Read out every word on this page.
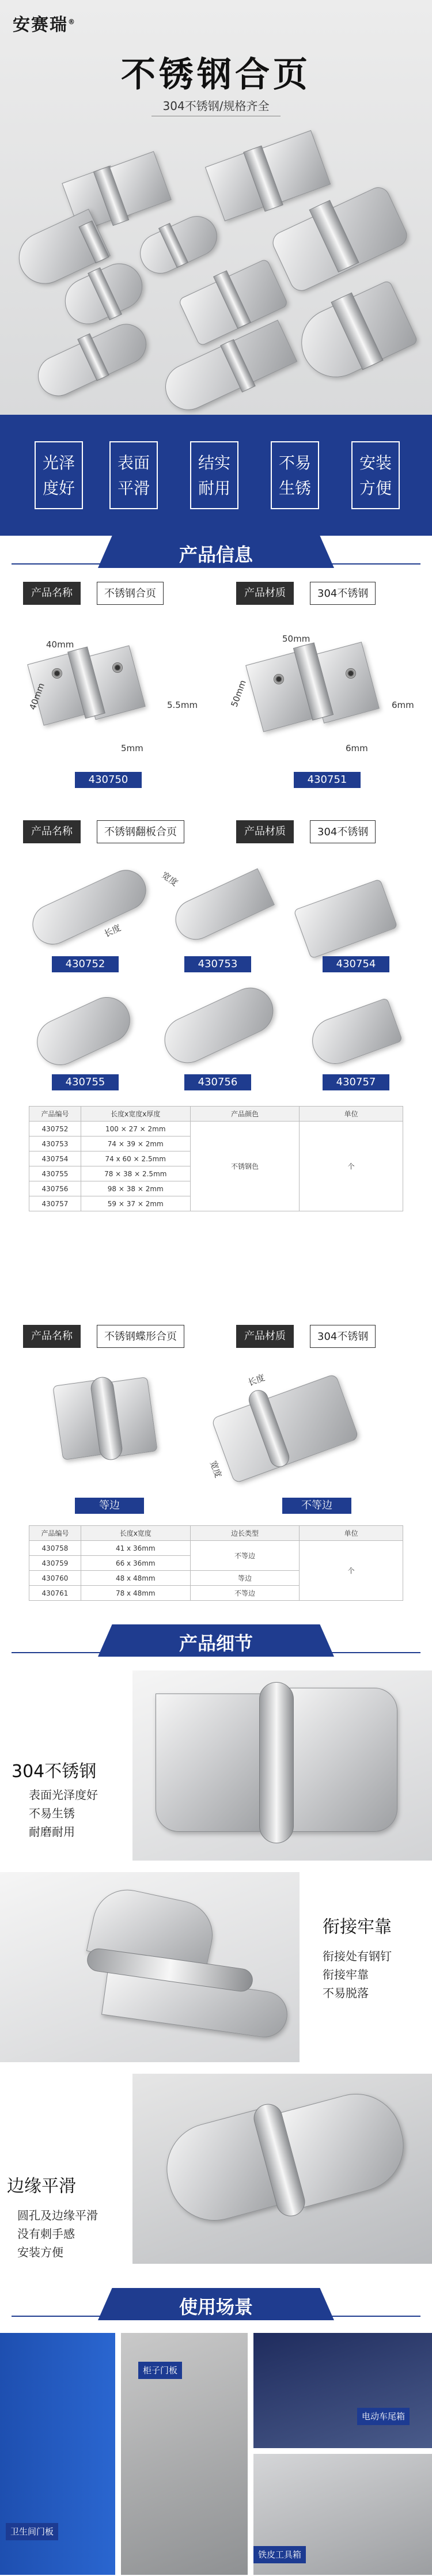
安赛瑞®
不锈钢合页
304不锈钢/规格齐全
光泽度好
表面平滑
结实耐用
不易生锈
安装方便
产品信息
产品名称	不锈钢合页	产品材质	304不锈钢
40mm
40mm	5.5mm
5mm
430750
50mm
50mm	6mm
6mm
430751
产品名称	不锈钢翻板合页	产品材质	304不锈钢
宽度
长度
430752	430753	430754
430755	430756	430757
产品编号	长度x宽度x厚度	产品颜色	单位
430752	100 × 27 × 2mm	不锈钢色	个
430753	74 × 39 × 2mm		
430754	74 x 60 × 2.5mm		
430755	78 × 38 × 2.5mm		
430756	98 × 38 × 2mm		
430757	59 × 37 × 2mm		
产品名称	不锈钢蝶形合页	产品材质	304不锈钢
等边
长度
宽度
不等边
产品编号	长度x宽度	边长类型	单位
430758	41 x 36mm	不等边	个
430759	66 x 36mm		
430760	48 x 48mm	等边	
430761	78 x 48mm	不等边	
产品细节
304不锈钢
表面光泽度好
不易生锈
耐磨耐用
衔接牢靠
衔接处有钢钉
衔接牢靠
不易脱落
边缘平滑
圆孔及边缘平滑
没有刺手感
安装方便
使用场景
柜子门板
电动车尾箱
卫生间门板
铁皮工具箱
